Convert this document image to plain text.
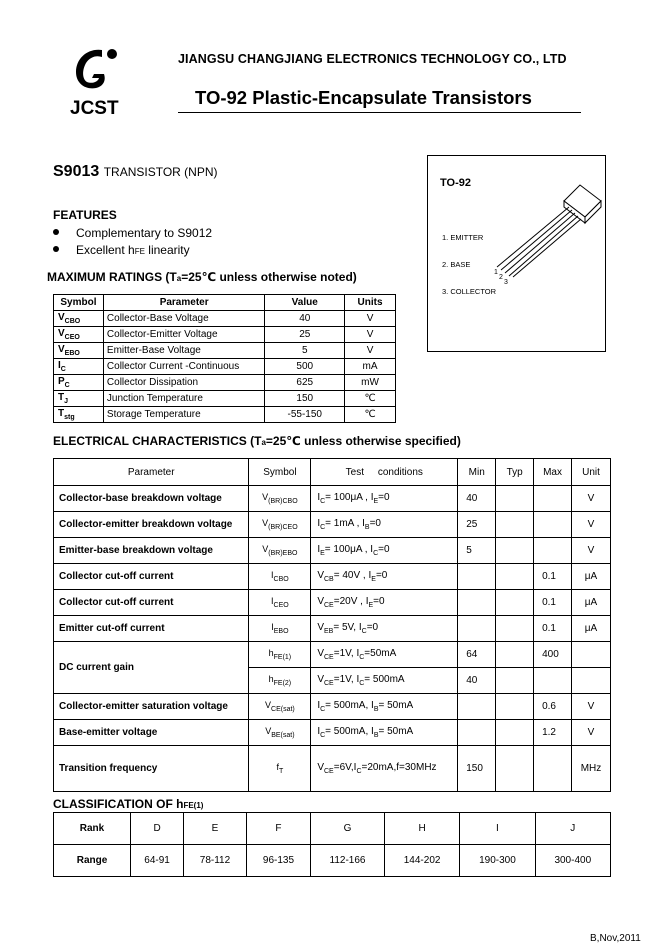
JCST
JIANGSU CHANGJIANG ELECTRONICS TECHNOLOGY CO., LTD
TO-92 Plastic-Encapsulate Transistors
S9013 TRANSISTOR (NPN)
TO-92
1. EMITTER
2. BASE
3. COLLECTOR
1
2
3
FEATURES
Complementary to S9012
Excellent hFE linearity
MAXIMUM RATINGS (Ta=25℃ unless otherwise noted)
Symbol	Parameter	Value	Units
$V_{CBO}$	Collector-Base Voltage	40	V
$V_{CEO}$	Collector-Emitter Voltage	25	V
$V_{EBO}$	Emitter-Base Voltage	5	V
$I_C$	Collector Current -Continuous	500	mA
$P_C$	Collector Dissipation	625	mW
$T_J$	Junction Temperature	150	℃
$T_{stg}$	Storage Temperature	-55-150	℃
ELECTRICAL CHARACTERISTICS (Ta=25℃ unless otherwise specified)
Parameter	Symbol	Test     conditions	Min	Typ	Max	Unit
Collector-base breakdown voltage	$V_{(BR)CBO}$	$I_C= 100\mu A$ , $I_E=0$	40			V
Collector-emitter breakdown voltage	$V_{(BR)CEO}$	$I_C= 1mA$ , $I_B=0$	25			V
Emitter-base breakdown voltage	$V_{(BR)EBO}$	$I_E= 100\mu A$ , $I_C=0$	5			V
Collector cut-off current	$I_{CBO}$	$V_{CB}= 40V$ , $I_E=0$			0.1	μA
Collector cut-off current	$I_{CEO}$	$V_{CE}=20V$ , $I_E=0$			0.1	μA
Emitter cut-off current	$I_{EBO}$	$V_{EB}= 5V$, $I_C=0$			0.1	μA
DC current gain	$h_{FE(1)}$	$V_{CE}=1V$, $I_C=50mA$	64		400	
	$h_{FE(2)}$	$V_{CE}=1V$, $I_C= 500mA$	40			
Collector-emitter saturation voltage	$V_{CE(sat)}$	$I_C= 500mA$, $I_B= 50mA$			0.6	V
Base-emitter voltage	$V_{BE(sat)}$	$I_C= 500mA$, $I_B= 50mA$			1.2	V
Transition frequency	$f_T$	$V_{CE}=6V,I_C=20mA,f=30MHz$	150			MHz
CLASSIFICATION OF hFE(1)
Rank	D	E	F	G	H	I	J
Range	64-91	78-112	96-135	112-166	144-202	190-300	300-400
B,Nov,2011
